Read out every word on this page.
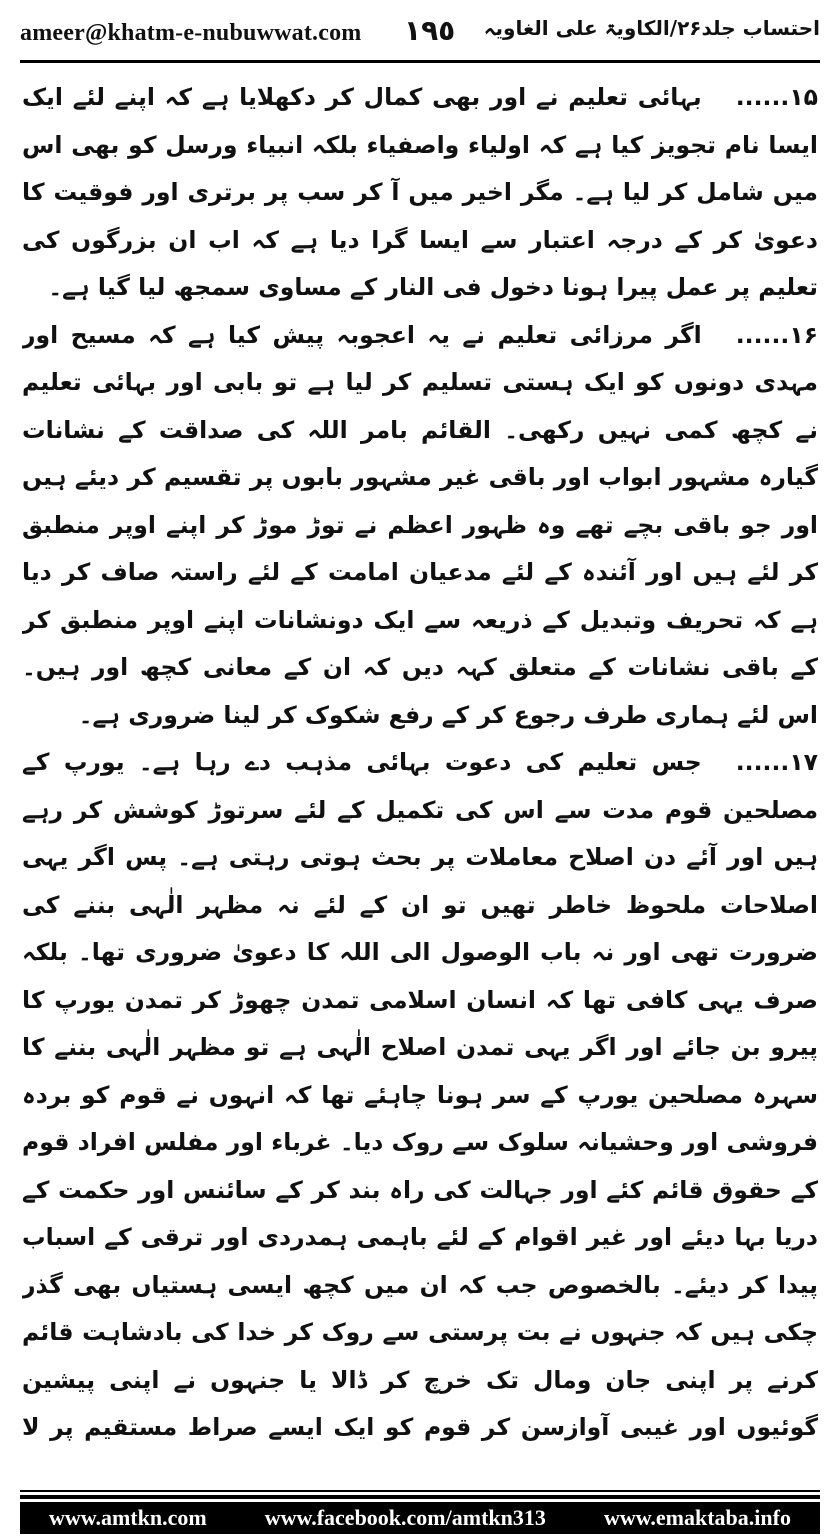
ameer@khatm-e-nubuwwat.com ١٩٥ احتساب جلد۲۶/الکاویۃ علی الغاویہ

۱۵......بہائی تعلیم نے اور بھی کمال کر دکھلایا ہے کہ اپنے لئے ایک ایسا نام تجویز کیا ہے کہ اولیاء واصفیاء بلکہ انبیاء ورسل کو بھی اس میں شامل کر لیا ہے۔ مگر اخیر میں آ کر سب پر برتری اور فوقیت کا دعویٰ کر کے درجہ اعتبار سے ایسا گرا دیا ہے کہ اب ان بزرگوں کی تعلیم پر عمل پیرا ہونا دخول فی النار کے مساوی سمجھ لیا گیا ہے۔

۱۶......اگر مرزائی تعلیم نے یہ اعجوبہ پیش کیا ہے کہ مسیح اور مہدی دونوں کو ایک ہستی تسلیم کر لیا ہے تو بابی اور بہائی تعلیم نے کچھ کمی نہیں رکھی۔ القائم بامر اللہ کی صداقت کے نشانات گیارہ مشہور ابواب اور باقی غیر مشہور بابوں پر تقسیم کر دیئے ہیں اور جو باقی بچے تھے وہ ظہور اعظم نے توڑ موڑ کر اپنے اوپر منطبق کر لئے ہیں اور آئندہ کے لئے مدعیان امامت کے لئے راستہ صاف کر دیا ہے کہ تحریف وتبدیل کے ذریعہ سے ایک دونشانات اپنے اوپر منطبق کر کے باقی نشانات کے متعلق کہہ دیں کہ ان کے معانی کچھ اور ہیں۔ اس لئے ہماری طرف رجوع کر کے رفع شکوک کر لینا ضروری ہے۔

۱۷......جس تعلیم کی دعوت بہائی مذہب دے رہا ہے۔ یورپ کے مصلحین قوم مدت سے اس کی تکمیل کے لئے سرتوڑ کوشش کر رہے ہیں اور آئے دن اصلاح معاملات پر بحث ہوتی رہتی ہے۔ پس اگر یہی اصلاحات ملحوظ خاطر تھیں تو ان کے لئے نہ مظہر الٰہی بننے کی ضرورت تھی اور نہ باب الوصول الی اللہ کا دعویٰ ضروری تھا۔ بلکہ صرف یہی کافی تھا کہ انسان اسلامی تمدن چھوڑ کر تمدن یورپ کا پیرو بن جائے اور اگر یہی تمدن اصلاح الٰہی ہے تو مظہر الٰہی بننے کا سہرہ مصلحین یورپ کے سر ہونا چاہئے تھا کہ انہوں نے قوم کو بردہ فروشی اور وحشیانہ سلوک سے روک دیا۔ غرباء اور مفلس افراد قوم کے حقوق قائم کئے اور جہالت کی راہ بند کر کے سائنس اور حکمت کے دریا بہا دیئے اور غیر اقوام کے لئے باہمی ہمدردی اور ترقی کے اسباب پیدا کر دیئے۔ بالخصوص جب کہ ان میں کچھ ایسی ہستیاں بھی گذر چکی ہیں کہ جنہوں نے بت پرستی سے روک کر خدا کی بادشاہت قائم کرنے پر اپنی جان ومال تک خرچ کر ڈالا یا جنہوں نے اپنی پیشین گوئیوں اور غیبی آوازسن کر قوم کو ایک ایسے صراط مستقیم پر لا

www.amtkn.com	www.facebook.com/amtkn313	www.emaktaba.info
